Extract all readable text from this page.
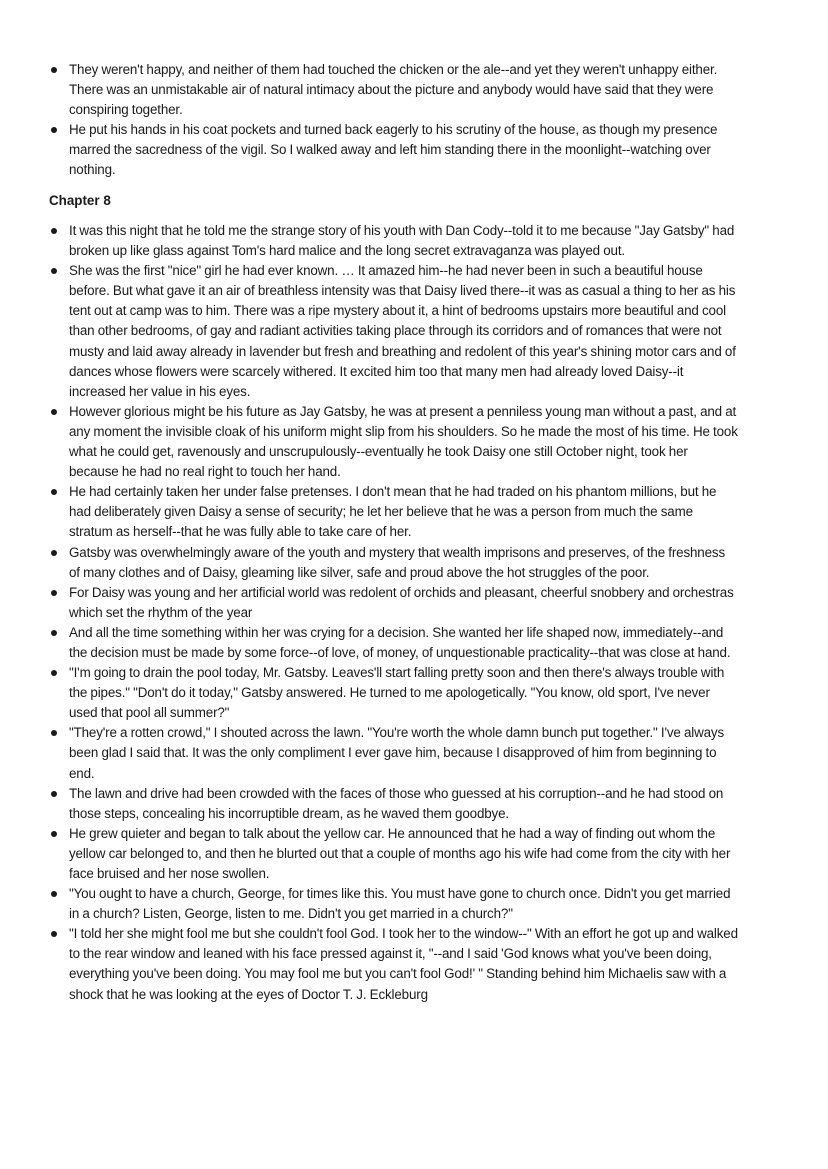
They weren't happy, and neither of them had touched the chicken or the ale--and yet they weren't unhappy either. There was an unmistakable air of natural intimacy about the picture and anybody would have said that they were conspiring together.
He put his hands in his coat pockets and turned back eagerly to his scrutiny of the house, as though my presence marred the sacredness of the vigil. So I walked away and left him standing there in the moonlight--watching over nothing.
Chapter 8
It was this night that he told me the strange story of his youth with Dan Cody--told it to me because "Jay Gatsby" had broken up like glass against Tom's hard malice and the long secret extravaganza was played out.
She was the first "nice" girl he had ever known. … It amazed him--he had never been in such a beautiful house before. But what gave it an air of breathless intensity was that Daisy lived there--it was as casual a thing to her as his tent out at camp was to him. There was a ripe mystery about it, a hint of bedrooms upstairs more beautiful and cool than other bedrooms, of gay and radiant activities taking place through its corridors and of romances that were not musty and laid away already in lavender but fresh and breathing and redolent of this year's shining motor cars and of dances whose flowers were scarcely withered. It excited him too that many men had already loved Daisy--it increased her value in his eyes.
However glorious might be his future as Jay Gatsby, he was at present a penniless young man without a past, and at any moment the invisible cloak of his uniform might slip from his shoulders. So he made the most of his time. He took what he could get, ravenously and unscrupulously--eventually he took Daisy one still October night, took her because he had no real right to touch her hand.
He had certainly taken her under false pretenses. I don't mean that he had traded on his phantom millions, but he had deliberately given Daisy a sense of security; he let her believe that he was a person from much the same stratum as herself--that he was fully able to take care of her.
Gatsby was overwhelmingly aware of the youth and mystery that wealth imprisons and preserves, of the freshness of many clothes and of Daisy, gleaming like silver, safe and proud above the hot struggles of the poor.
For Daisy was young and her artificial world was redolent of orchids and pleasant, cheerful snobbery and orchestras which set the rhythm of the year
And all the time something within her was crying for a decision. She wanted her life shaped now, immediately--and the decision must be made by some force--of love, of money, of unquestionable practicality--that was close at hand.
"I'm going to drain the pool today, Mr. Gatsby. Leaves'll start falling pretty soon and then there's always trouble with the pipes." "Don't do it today," Gatsby answered. He turned to me apologetically. "You know, old sport, I've never used that pool all summer?"
"They're a rotten crowd," I shouted across the lawn. "You're worth the whole damn bunch put together." I've always been glad I said that. It was the only compliment I ever gave him, because I disapproved of him from beginning to end.
The lawn and drive had been crowded with the faces of those who guessed at his corruption--and he had stood on those steps, concealing his incorruptible dream, as he waved them goodbye.
He grew quieter and began to talk about the yellow car. He announced that he had a way of finding out whom the yellow car belonged to, and then he blurted out that a couple of months ago his wife had come from the city with her face bruised and her nose swollen.
"You ought to have a church, George, for times like this. You must have gone to church once. Didn't you get married in a church? Listen, George, listen to me. Didn't you get married in a church?"
"I told her she might fool me but she couldn't fool God. I took her to the window--" With an effort he got up and walked to the rear window and leaned with his face pressed against it, "--and I said 'God knows what you've been doing, everything you've been doing. You may fool me but you can't fool God!' " Standing behind him Michaelis saw with a shock that he was looking at the eyes of Doctor T. J. Eckleburg
